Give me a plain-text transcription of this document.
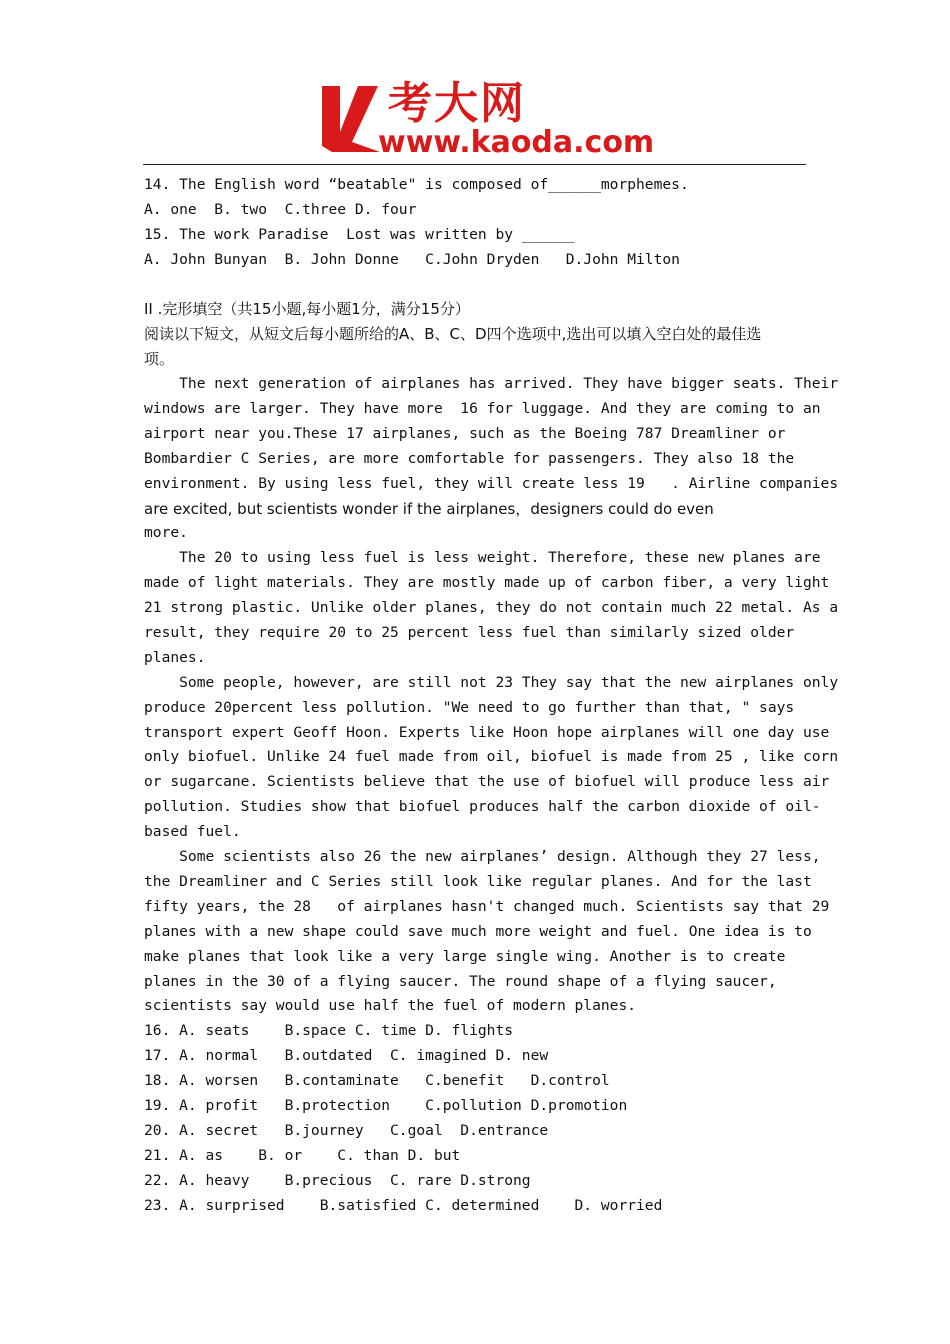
考大网
www.kaoda.com
14. The English word “beatable" is composed of______morphemes.
A. one  B. two  C.three D. four
15. The work Paradise  Lost was written by ______
A. John Bunyan  B. John Donne   C.John Dryden   D.John Milton
II .完形填空（共15小题,每小题1分，满分15分）
阅读以下短文，从短文后每小题所给的A、B、C、D四个选项中,选出可以填入空白处的最佳选
项。
The next generation of airplanes has arrived. They have bigger seats. Their
windows are larger. They have more  16 for luggage. And they are coming to an
airport near you.These 17 airplanes, such as the Boeing 787 Dreamliner or
Bombardier C Series, are more comfortable for passengers. They also 18 the
environment. By using less fuel, they will create less 19   . Airline companies
are excited, but scientists wonder if the airplanes，designers could do even
more.
The 20 to using less fuel is less weight. Therefore, these new planes are
made of light materials. They are mostly made up of carbon fiber, a very light
21 strong plastic. Unlike older planes, they do not contain much 22 metal. As a
result, they require 20 to 25 percent less fuel than similarly sized older
planes.
Some people, however, are still not 23 They say that the new airplanes only
produce 20percent less pollution. "We need to go further than that, " says
transport expert Geoff Hoon. Experts like Hoon hope airplanes will one day use
only biofuel. Unlike 24 fuel made from oil, biofuel is made from 25 , like corn
or sugarcane. Scientists believe that the use of biofuel will produce less air
pollution. Studies show that biofuel produces half the carbon dioxide of oil-
based fuel.
Some scientists also 26 the new airplanes’ design. Although they 27 less,
the Dreamliner and C Series still look like regular planes. And for the last
fifty years, the 28   of airplanes hasn't changed much. Scientists say that 29
planes with a new shape could save much more weight and fuel. One idea is to
make planes that look like a very large single wing. Another is to create
planes in the 30 of a flying saucer. The round shape of a flying saucer,
scientists say would use half the fuel of modern planes.
16. A. seats    B.space C. time D. flights
17. A. normal   B.outdated  C. imagined D. new
18. A. worsen   B.contaminate   C.benefit   D.control
19. A. profit   B.protection    C.pollution D.promotion
20. A. secret   B.journey   C.goal  D.entrance
21. A. as    B. or    C. than D. but
22. A. heavy    B.precious  C. rare D.strong
23. A. surprised    B.satisfied C. determined    D. worried
